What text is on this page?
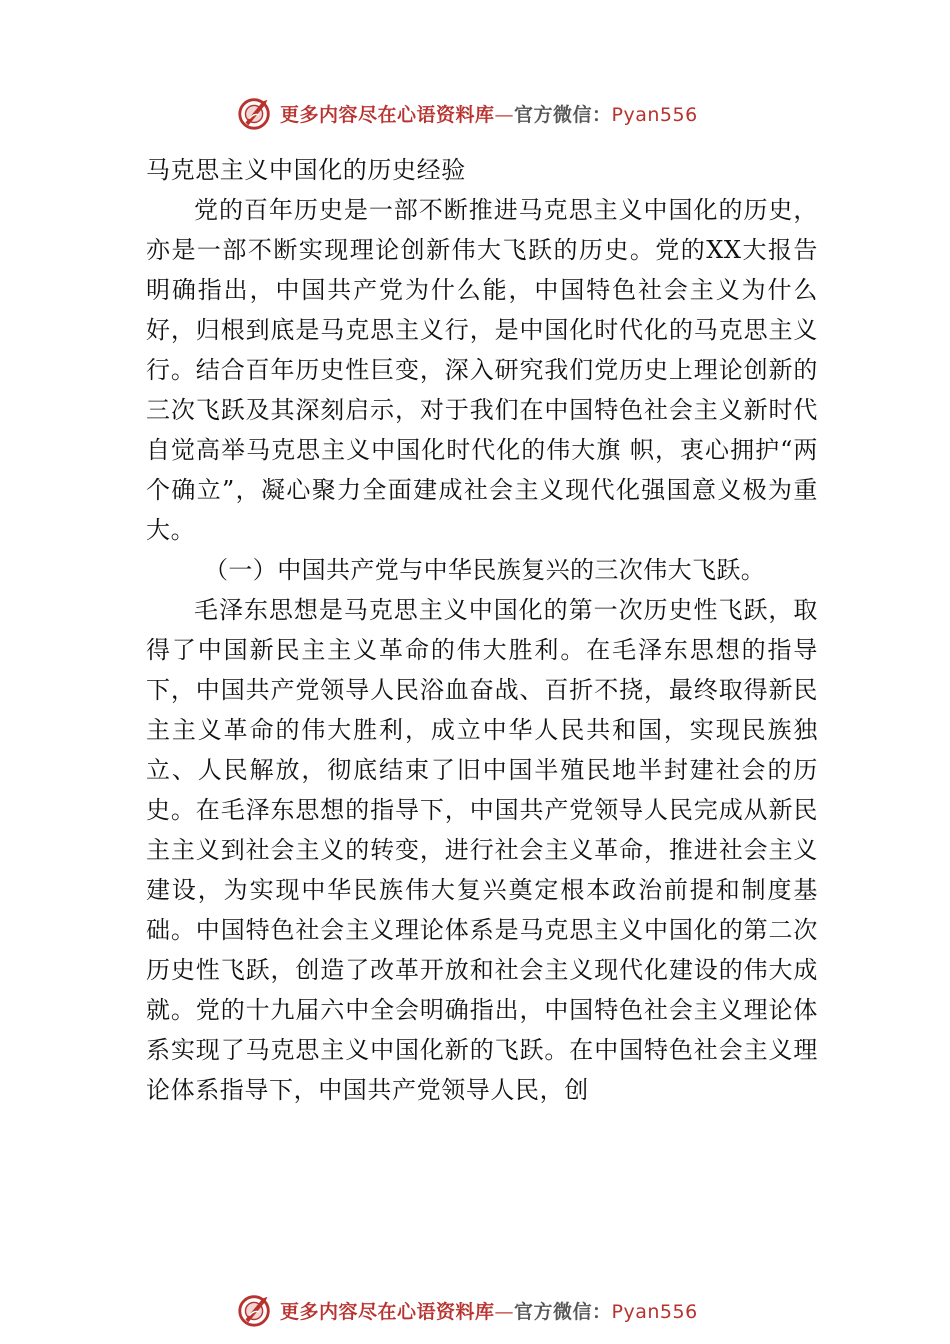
更多内容尽在心语资料库—官方微信：Pyan556

马克思主义中国化的历史经验

党的百年历史是一部不断推进马克思主义中国化的历史，亦是一部不断实现理论创新伟大飞跃的历史。党的XX大报告明确指出，中国共产党为什么能，中国特色社会主义为什么好，归根到底是马克思主义行，是中国化时代化的马克思主义行。结合百年历史性巨变，深入研究我们党历史上理论创新的三次飞跃及其深刻启示，对于我们在中国特色社会主义新时代自觉高举马克思主义中国化时代化的伟大旗 帜，衷心拥护“两个确立”，凝心聚力全面建成社会主义现代化强国意义极为重大。

（一）中国共产党与中华民族复兴的三次伟大飞跃。

毛泽东思想是马克思主义中国化的第一次历史性飞跃，取得了中国新民主主义革命的伟大胜利。在毛泽东思想的指导下，中国共产党领导人民浴血奋战、百折不挠，最终取得新民主主义革命的伟大胜利，成立中华人民共和国，实现民族独立、人民解放，彻底结束了旧中国半殖民地半封建社会的历史。在毛泽东思想的指导下，中国共产党领导人民完成从新民主主义到社会主义的转变，进行社会主义革命，推进社会主义建设，为实现中华民族伟大复兴奠定根本政治前提和制度基础。中国特色社会主义理论体系是马克思主义中国化的第二次历史性飞跃，创造了改革开放和社会主义现代化建设的伟大成就。党的十九届六中全会明确指出，中国特色社会主义理论体系实现了马克思主义中国化新的飞跃。在中国特色社会主义理论体系指导下，中国共产党领导人民，创

更多内容尽在心语资料库—官方微信：Pyan556
